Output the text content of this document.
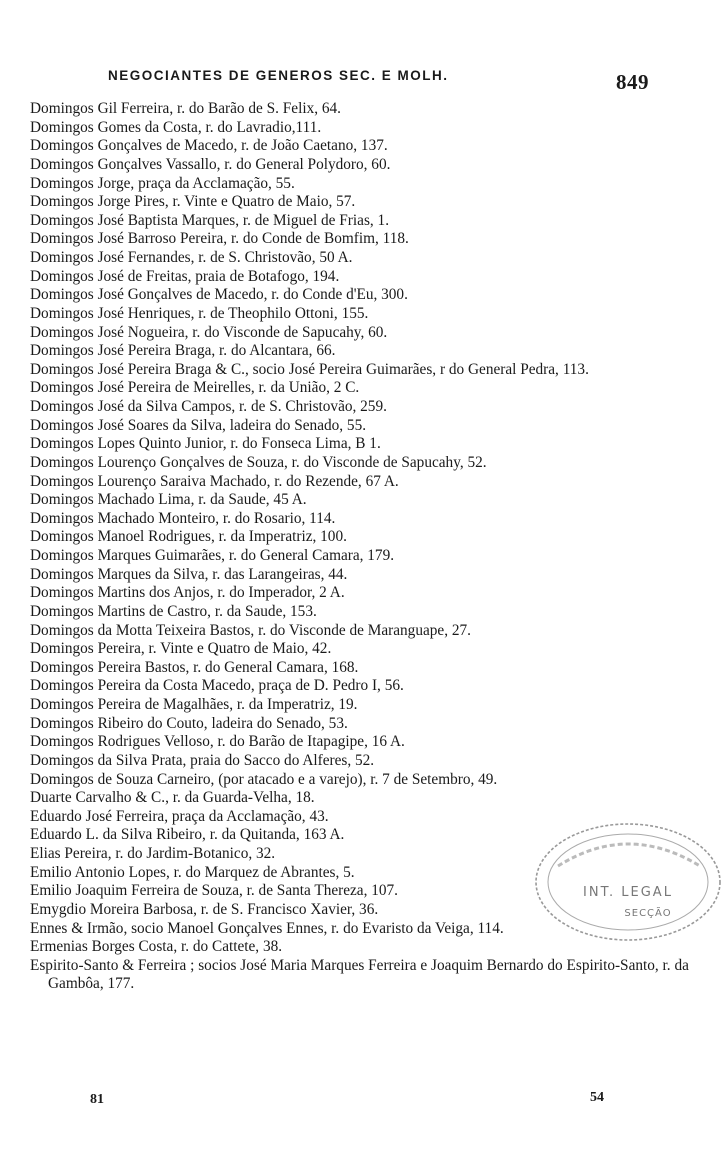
NEGOCIANTES DE GENEROS SEC. E MOLH.	849
Domingos Gil Ferreira, r. do Barão de S. Felix, 64.
Domingos Gomes da Costa, r. do Lavradio,111.
Domingos Gonçalves de Macedo, r. de João Caetano, 137.
Domingos Gonçalves Vassallo, r. do General Polydoro, 60.
Domingos Jorge, praça da Acclamação, 55.
Domingos Jorge Pires, r. Vinte e Quatro de Maio, 57.
Domingos José Baptista Marques, r. de Miguel de Frias, 1.
Domingos José Barroso Pereira, r. do Conde de Bomfim, 118.
Domingos José Fernandes, r. de S. Christovão, 50 A.
Domingos José de Freitas, praia de Botafogo, 194.
Domingos José Gonçalves de Macedo, r. do Conde d'Eu, 300.
Domingos José Henriques, r. de Theophilo Ottoni, 155.
Domingos José Nogueira, r. do Visconde de Sapucahy, 60.
Domingos José Pereira Braga, r. do Alcantara, 66.
Domingos José Pereira Braga & C., socio José Pereira Guimarães, r do General Pedra, 113.
Domingos José Pereira de Meirelles, r. da União, 2 C.
Domingos José da Silva Campos, r. de S. Christovão, 259.
Domingos José Soares da Silva, ladeira do Senado, 55.
Domingos Lopes Quinto Junior, r. do Fonseca Lima, B 1.
Domingos Lourenço Gonçalves de Souza, r. do Visconde de Sapucahy, 52.
Domingos Lourenço Saraiva Machado, r. do Rezende, 67 A.
Domingos Machado Lima, r. da Saude, 45 A.
Domingos Machado Monteiro, r. do Rosario, 114.
Domingos Manoel Rodrigues, r. da Imperatriz, 100.
Domingos Marques Guimarães, r. do General Camara, 179.
Domingos Marques da Silva, r. das Larangeiras, 44.
Domingos Martins dos Anjos, r. do Imperador, 2 A.
Domingos Martins de Castro, r. da Saude, 153.
Domingos da Motta Teixeira Bastos, r. do Visconde de Maranguape, 27.
Domingos Pereira, r. Vinte e Quatro de Maio, 42.
Domingos Pereira Bastos, r. do General Camara, 168.
Domingos Pereira da Costa Macedo, praça de D. Pedro I, 56.
Domingos Pereira de Magalhães, r. da Imperatriz, 19.
Domingos Ribeiro do Couto, ladeira do Senado, 53.
Domingos Rodrigues Velloso, r. do Barão de Itapagipe, 16 A.
Domingos da Silva Prata, praia do Sacco do Alferes, 52.
Domingos de Souza Carneiro, (por atacado e a varejo), r. 7 de Setembro, 49.
Duarte Carvalho & C., r. da Guarda-Velha, 18.
Eduardo José Ferreira, praça da Acclamação, 43.
Eduardo L. da Silva Ribeiro, r. da Quitanda, 163 A.
Elias Pereira, r. do Jardim-Botanico, 32.
Emilio Antonio Lopes, r. do Marquez de Abrantes, 5.
Emilio Joaquim Ferreira de Souza, r. de Santa Thereza, 107.
Emygdio Moreira Barbosa, r. de S. Francisco Xavier, 36.
Ennes & Irmão, socio Manoel Gonçalves Ennes, r. do Evaristo da Veiga, 114.
Ermenias Borges Costa, r. do Cattete, 38.
Espirito-Santo & Ferreira ; socios José Maria Marques Ferreira e Joaquim Bernardo do Espirito-Santo, r. da Gambôa, 177.
INT. LEGAL
SECÇÃO
81	54
